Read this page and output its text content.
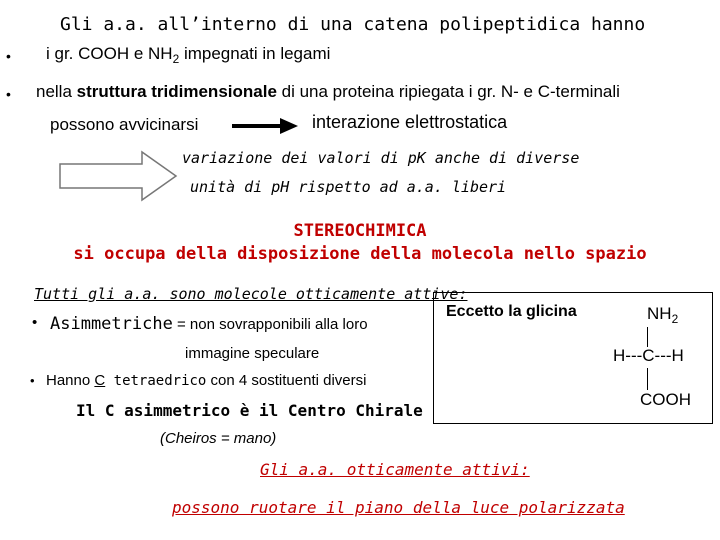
Gli a.a. all’interno di una catena polipeptidica hanno
• i gr. COOH e $NH_2$ impegnati in legami
• nella struttura tridimensionale di una proteina ripiegata i gr. N- e C-terminali
possono avvicinarsi	interazione elettrostatica
variazione dei valori di pK anche di diverse
unità di pH rispetto ad a.a. liberi
STEREOCHIMICA
si occupa della disposizione della molecola nello spazio
Tutti gli a.a. sono molecole otticamente attive:
• Asimmetriche = non sovrapponibili alla loro
immagine speculare
• Hanno C tetraedrico con 4 sostituenti diversi
Il C asimmetrico è il Centro Chirale
(Cheiros = mano)
Gli a.a. otticamente attivi:
possono ruotare il piano della luce polarizzata
Eccetto la glicina	$NH_2$
H---C---H
COOH
